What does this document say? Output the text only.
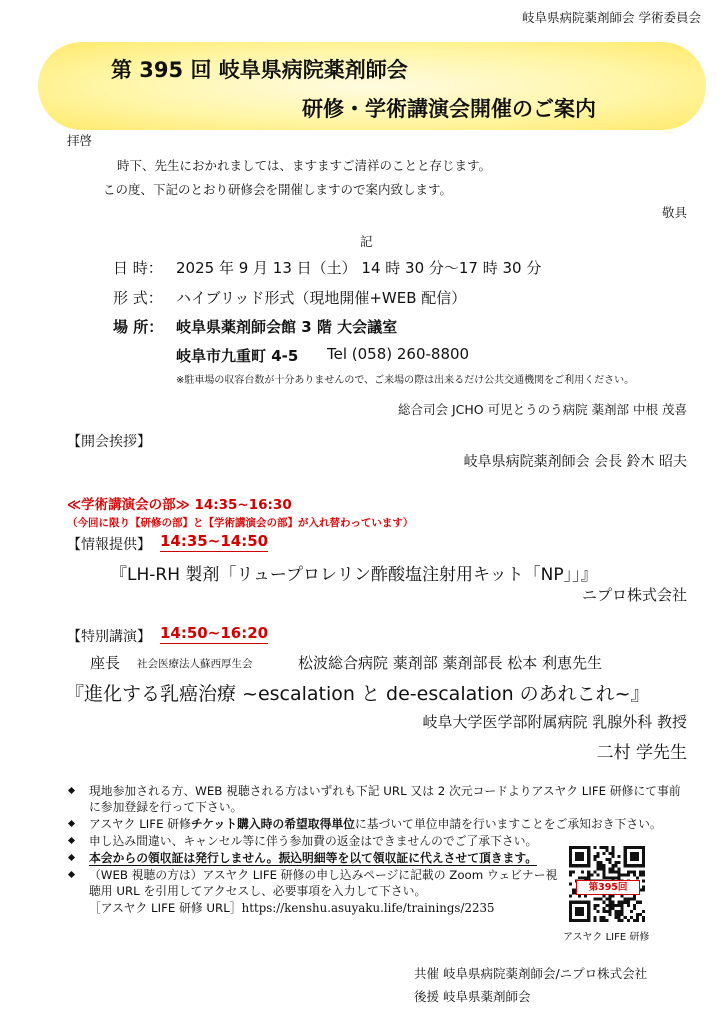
岐阜県病院薬剤師会 学術委員会
第 395 回 岐阜県病院薬剤師会
研修・学術講演会開催のご案内
拝啓
時下、先生におかれましては、ますますご清祥のことと存じます。
この度、下記のとおり研修会を開催しますので案内致します。
敬具
記
日 時： 2025 年 9 月 13 日（土） 14 時 30 分～17 時 30 分
形 式： ハイブリッド形式（現地開催+WEB 配信）
場 所： 岐阜県薬剤師会館 3 階 大会議室
岐阜市九重町 4-5 Tel (058) 260-8800
※駐車場の収容台数が十分ありませんので、ご来場の際は出来るだけ公共交通機関をご利用ください。
総合司会 JCHO 可児とうのう病院 薬剤部 中根 茂喜
【開会挨拶】
岐阜県病院薬剤師会 会長 鈴木 昭夫
≪学術講演会の部≫ 14:35~16:30
（今回に限り【研修の部】と【学術講演会の部】が入れ替わっています）
【情報提供】 14:35~14:50
『LH-RH 製剤「リュープロレリン酢酸塩注射用キット「NP」」』
ニプロ株式会社
【特別講演】 14:50~16:20
座長 社会医療法人蘇西厚生会	松波総合病院 薬剤部 薬剤部長 松本 利恵先生
『進化する乳癌治療 ~escalation と de-escalation のあれこれ~』
岐阜大学医学部附属病院 乳腺外科 教授
二村 学先生
現地参加される方、WEB 視聴される方はいずれも下記 URL 又は 2 次元コードよりアスヤク LIFE 研修にて事前に参加登録を行って下さい。
アスヤク LIFE 研修チケット購入時の希望取得単位に基づいて単位申請を行いますことをご承知おき下さい。
申し込み間違い、キャンセル等に伴う参加費の返金はできませんのでご了承下さい。
本会からの領収証は発行しません。振込明細等を以て領収証に代えさせて頂きます。
（WEB 視聴の方は）アスヤク LIFE 研修の申し込みページに記載の Zoom ウェビナー視聴用 URL を引用してアクセスし、必要事項を入力して下さい。
［アスヤク LIFE 研修 URL］https://kenshu.asuyaku.life/trainings/2235
第395回
アスヤク LIFE 研修
共催 岐阜県病院薬剤師会/ニプロ株式会社
後援 岐阜県薬剤師会
